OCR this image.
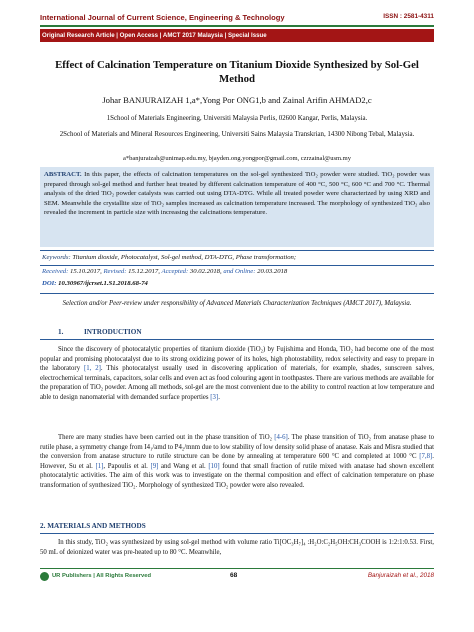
International Journal of Current Science, Engineering & Technology	ISSN : 2581-4311
Original Research Article | Open Access | AMCT 2017 Malaysia | Special Issue
Effect of Calcination Temperature on Titanium Dioxide Synthesized by Sol-Gel Method
Johar BANJURAIZAH 1,a*,Yong Por ONG1,b and Zainal Arifin AHMAD2,c
1School of Materials Engineering, Universiti Malaysia Perlis, 02600 Kangar, Perlis, Malaysia.
2School of Materials and Mineral Resources Engineering, Universiti Sains Malaysia Transkrian, 14300 Nibong Tebal, Malaysia.
a*banjuraizah@unimap.edu.my, bjayden.ong.yongpor@gmail.com, czrzainal@usm.my
ABSTRACT. In this paper, the effects of calcination temperatures on the sol-gel synthesized TiO₂ powder were studied. TiO₂ powder was prepared through sol-gel method and further heat treated by different calcination temperature of 400 °C, 500 °C, 600 °C and 700 °C. Thermal analysis of the dried TiO₂ powder catalysts was carried out using DTA-DTG. While all treated powder were characterized by using XRD and SEM. Meanwhile the crystallite size of TiO₂ samples increased as calcination temperature increased. The morphology of synthesized TiO₂ also revealed the increment in particle size with increasing the calcinations temperature.
Keywords: Titanium dioxide, Photocatalyst, Sol-gel method, DTA-DTG, Phase transformation;
Received: 15.10.2017, Revised: 15.12.2017, Accepted: 30.02.2018, and Online: 20.03.2018
DOI: 10.30967/ijcrset.1.S1.2018.68-74
Selection and/or Peer-review under responsibility of Advanced Materials Characterization Techniques (AMCT 2017), Malaysia.
1.	INTRODUCTION
Since the discovery of photocatalytic properties of titanium dioxide (TiO₂) by Fujishima and Honda, TiO₂ had become one of the most popular and promising photocatalyst due to its strong oxidizing power of its holes, high photostability, redox selectivity and easy to prepare in the laboratory [1, 2]. This photocatalyst usually used in discovering application of materials, for example, shades, sunscreen salves, electrochemical terminals, capacitors, solar cells and even act as food colouring agent in toothpastes. There are various methods are available for the preparation of TiO₂ powder. Among all methods, sol-gel are the most convenient due to the ability to control reaction at low temperature and able to design nanomaterial with demanded surface properties [3].
There are many studies have been carried out in the phase transition of TiO₂ [4-6]. The phase transition of TiO₂ from anatase phase to rutile phase, a symmetry change from I4₁/amd to P4₂/mnm due to low stability of low density solid phase of anatase. Kais and Misra studied that the conversion from anatase structure to rutile structure can be done by annealing at temperature 600 °C and completed at 1000 °C [7,8]. However, Su et al. [1], Papoulis et al. [9] and Wang et al. [10] found that small fraction of rutile mixed with anatase had shown excellent photocatalytic activities. The aim of this work was to investigate on the thermal composition and effect of calcination temperature on phase transformation of synthesized TiO₂. Morphology of synthesized TiO₂ powder were also revealed.
2. MATERIALS AND METHODS
In this study, TiO₂ was synthesized by using sol-gel method with volume ratio Ti[OC₃H₇]₄ :H₂O:C₂H₅OH:CH₃COOH is 1:2:1:0.53. First, 50 mL of deionized water was pre-heated up to 80 °C. Meanwhile,
UR Publishers | All Rights Reserved	68	Banjuraizah et al., 2018
